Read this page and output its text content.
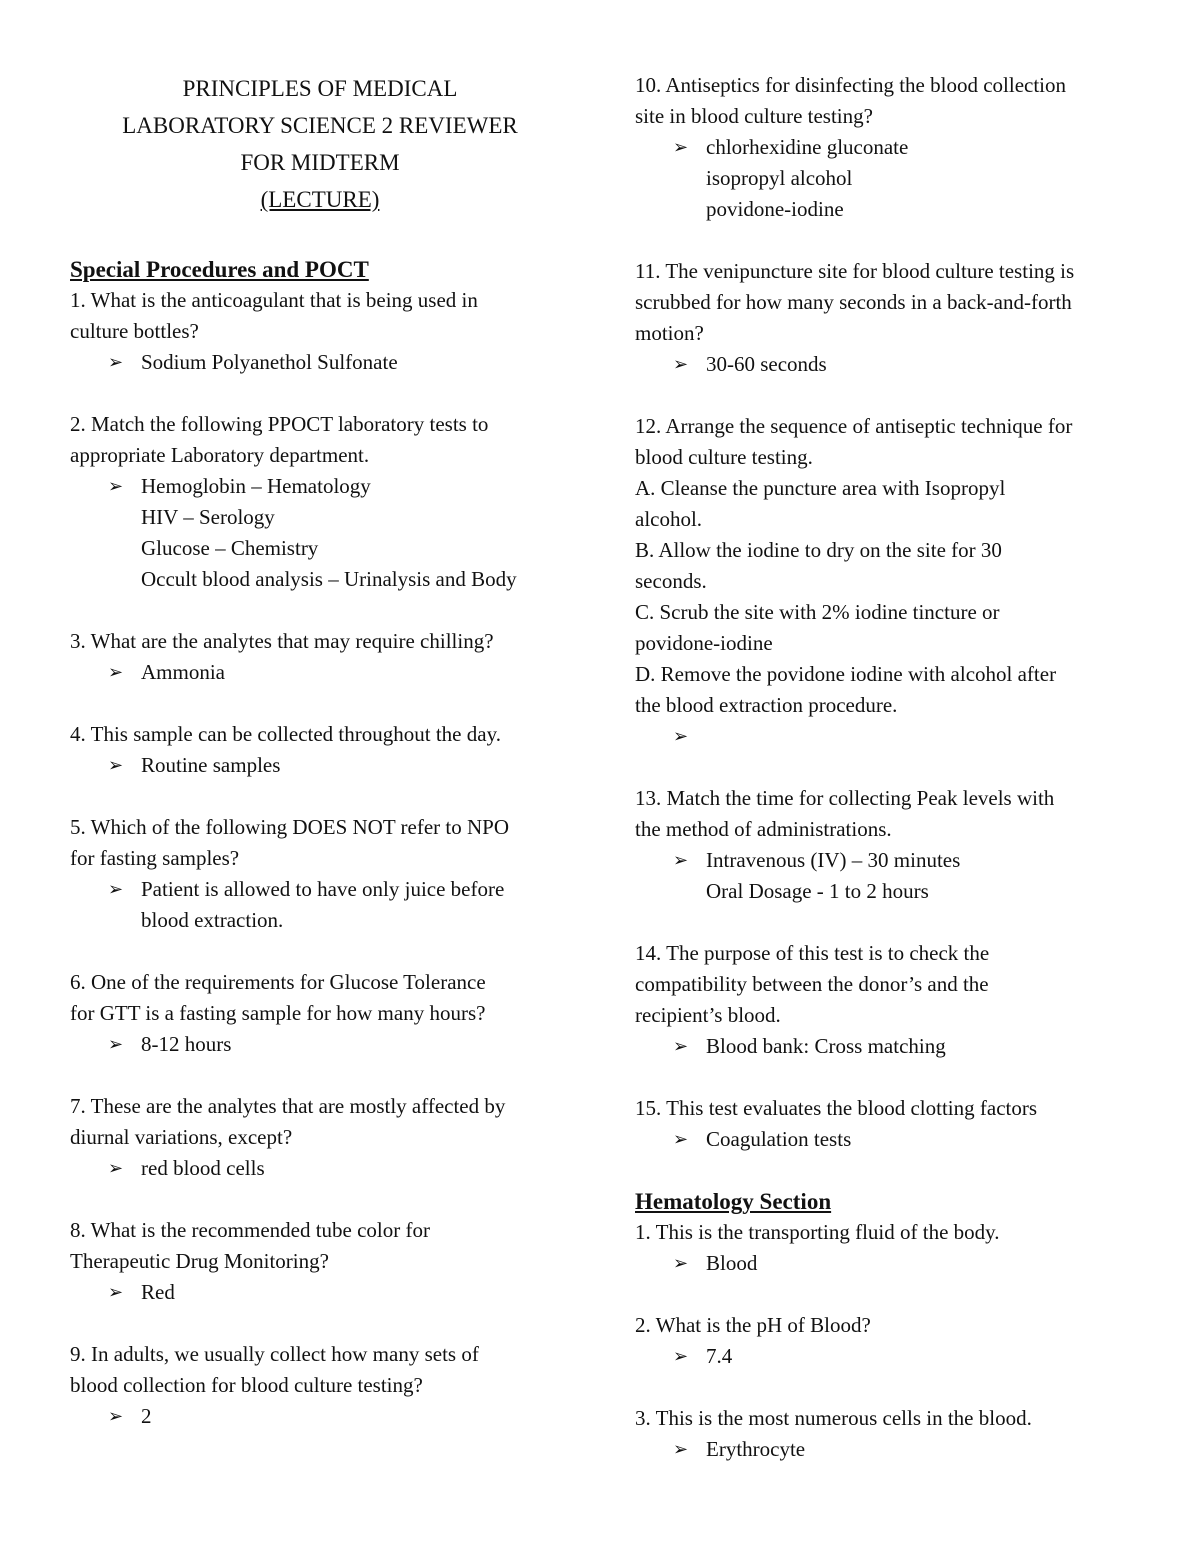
PRINCIPLES OF MEDICAL

LABORATORY SCIENCE 2 REVIEWER

FOR MIDTERM

(LECTURE)

Special Procedures and POCT

1. What is the anticoagulant that is being used in
culture bottles?
➢ Sodium Polyanethol Sulfonate
2. Match the following PPOCT laboratory tests to
appropriate Laboratory department.
➢ Hemoglobin – Hematology
HIV – Serology
Glucose – Chemistry
Occult blood analysis – Urinalysis and Body
3. What are the analytes that may require chilling?
➢ Ammonia
4. This sample can be collected throughout the day.
➢ Routine samples
5. Which of the following DOES NOT refer to NPO
for fasting samples?
➢ Patient is allowed to have only juice before
blood extraction.
6. One of the requirements for Glucose Tolerance
for GTT is a fasting sample for how many hours?
➢ 8-12 hours
7. These are the analytes that are mostly affected by
diurnal variations, except?
➢ red blood cells
8. What is the recommended tube color for
Therapeutic Drug Monitoring?
➢ Red
9. In adults, we usually collect how many sets of
blood collection for blood culture testing?
➢ 2
10. Antiseptics for disinfecting the blood collection
site in blood culture testing?
➢ chlorhexidine gluconate
isopropyl alcohol
povidone-iodine
11. The venipuncture site for blood culture testing is
scrubbed for how many seconds in a back-and-forth
motion?
➢ 30-60 seconds
12. Arrange the sequence of antiseptic technique for
blood culture testing.
A. Cleanse the puncture area with Isopropyl
alcohol.
B. Allow the iodine to dry on the site for 30
seconds.
C. Scrub the site with 2% iodine tincture or
povidone-iodine
D. Remove the povidone iodine with alcohol after
the blood extraction procedure.
➢

13. Match the time for collecting Peak levels with
the method of administrations.
➢ Intravenous (IV) – 30 minutes
Oral Dosage - 1 to 2 hours
14. The purpose of this test is to check the
compatibility between the donor’s and the
recipient’s blood.
➢ Blood bank: Cross matching
15. This test evaluates the blood clotting factors
➢ Coagulation tests

Hematology Section

1. This is the transporting fluid of the body.
➢ Blood
2. What is the pH of Blood?
➢ 7.4
3. This is the most numerous cells in the blood.
➢ Erythrocyte
